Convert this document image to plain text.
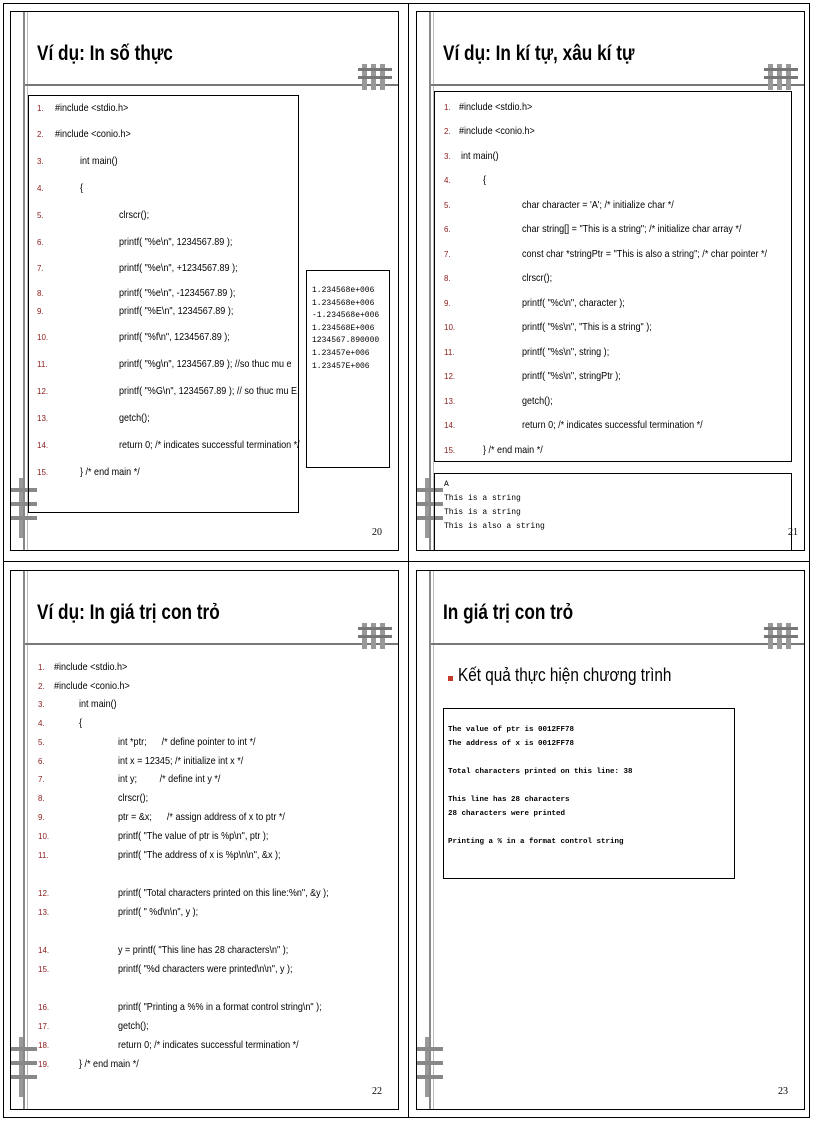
Ví dụ: In số thực
1. #include <stdio.h>
2. #include <conio.h>
3.	int main()
4.	{
5.	clrscr();
6.	printf( "%e\n", 1234567.89 );
7.	printf( "%e\n", +1234567.89 );
8.	printf( "%e\n", -1234567.89 );
9.	printf( "%E\n", 1234567.89 );
10.	printf( "%f\n", 1234567.89 );
11.	printf( "%g\n", 1234567.89 ); //so thuc mu e
12.	printf( "%G\n", 1234567.89 ); // so thuc mu E
13.	getch();
14.	return 0; /* indicates successful termination */
15.	} /* end main */
1.234568e+006
1.234568e+006
-1.234568e+006
1.234568E+006
1234567.890000
1.23457e+006
1.23457E+006
20
Ví dụ: In kí tự, xâu kí tự
1. #include <stdio.h>
2. #include <conio.h>
3. int main()
4.	{
5.	char character = 'A'; /* initialize char */
6.	char string[] = "This is a string"; /* initialize char array */
7.	const char *stringPtr = "This is also a string"; /* char pointer */
8.	clrscr();
9.	printf( "%c\n", character );
10.	printf( "%s\n", "This is a string" );
11.	printf( "%s\n", string );
12.	printf( "%s\n", stringPtr );
13.	getch();
14.	return 0; /* indicates successful termination */
15.	} /* end main */
A
This is a string
This is a string
This is also a string
21
Ví dụ: In giá trị con trỏ
1. #include <stdio.h>
2. #include <conio.h>
3.	int main()
4.	{
5.	int *ptr;      /* define pointer to int */
6.	int x = 12345; /* initialize int x */
7.	int y;         /* define int y */
8.	clrscr();
9.	ptr = &x;      /* assign address of x to ptr */
10.	printf( "The value of ptr is %p\n", ptr );
11.	printf( "The address of x is %p\n\n", &x );
12.	printf( "Total characters printed on this line:%n", &y );
13.	printf( " %d\n\n", y );
14.	y = printf( "This line has 28 characters\n" );
15.	printf( "%d characters were printed\n\n", y );
16.	printf( "Printing a %% in a format control string\n" );
17.	getch();
18.	return 0; /* indicates successful termination */
19.	} /* end main */
22
In giá trị con trỏ
Kết quả thực hiện chương trình
The value of ptr is 0012FF78
The address of x is 0012FF78
Total characters printed on this line: 38
This line has 28 characters
28 characters were printed
Printing a % in a format control string
23
